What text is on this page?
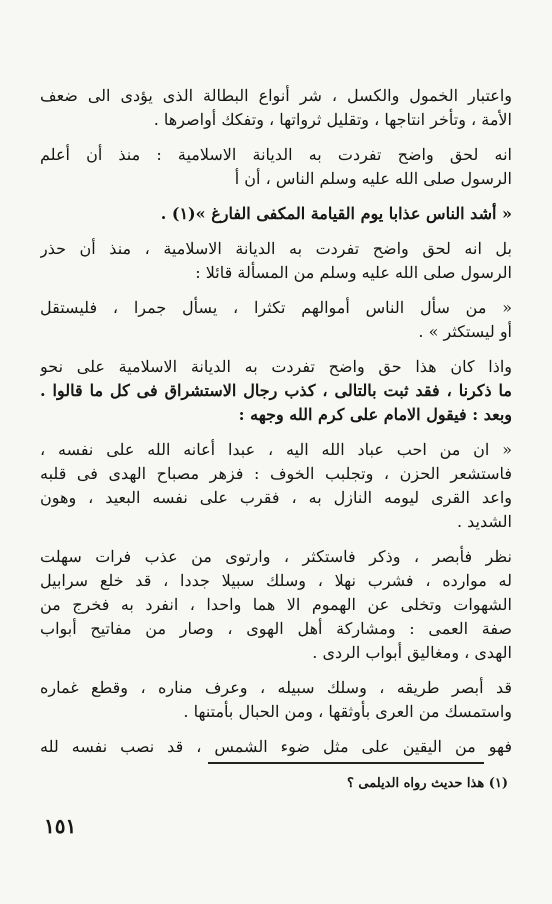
واعتبار الخمول والكسل ، شر أنواع البطالة الذى يؤدى الى ضعف
الأمة ، وتأخر انتاجها ، وتقليل ثرواتها ، وتفكك أواصرها .
انه لحق واضح تفردت به الديانة الاسلامية : منذ أن أعلم
الرسول صلى الله عليه وسلم الناس ، أن أ
« أشد الناس عذابا يوم القيامة المكفى الفارغ »(١) .
بل انه لحق واضح تفردت به الديانة الاسلامية ، منذ أن حذر
الرسول صلى الله عليه وسلم من المسألة قائلا :
« من سأل الناس أموالهم تكثرا ، يسأل جمرا ، فليستقل
أو ليستكثر » .
واذا كان هذا حق واضح تفردت به الديانة الاسلامية على نحو
ما ذكرنا ، فقد ثبت بالتالى ، كذب رجال الاستشراق فى كل ما قالوا .
وبعد : فيقول الامام على كرم الله وجهه :
« ان من احب عباد الله اليه ، عبدا أعانه الله على نفسه ،
فاستشعر الحزن ، وتجلبب الخوف : فزهر مصباح الهدى فى قلبه
واعد القرى ليومه النازل به ، فقرب على نفسه البعيد ، وهون
الشديد .
نظر فأبصر ، وذكر فاستكثر ، وارتوى من عذب فرات سهلت
له موارده ، فشرب نهلا ، وسلك سبيلا جددا ، قد خلع سرابيل
الشهوات وتخلى عن الهموم الا هما واحدا ، انفرد به فخرج من
صفة العمى : ومشاركة أهل الهوى ، وصار من مفاتيح أبواب
الهدى ، ومغاليق أبواب الردى .
قد أبصر طريقه ، وسلك سبيله ، وعرف مناره ، وقطع غماره
واستمسك من العرى بأوثقها ، ومن الحبال بأمتنها .
فهو من اليقين على مثل ضوء الشمس ، قد نصب نفسه لله
(١) هذا حديث رواه الديلمى ؟
١٥١
